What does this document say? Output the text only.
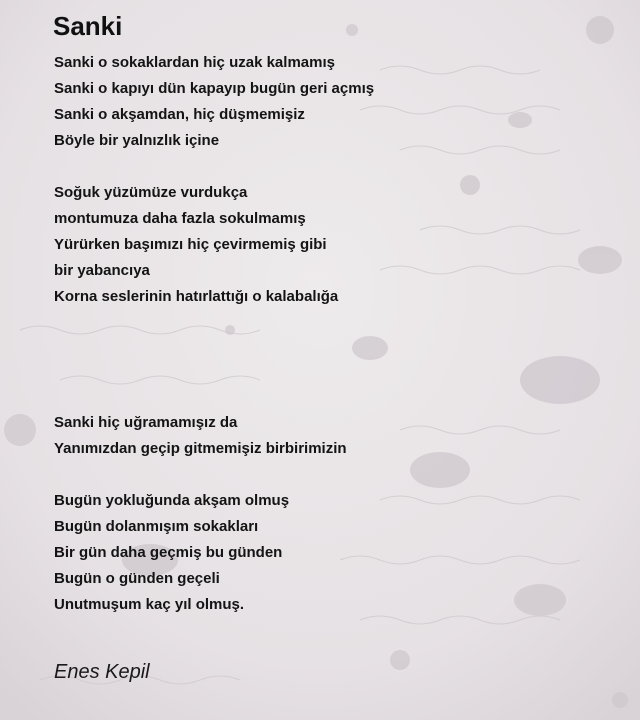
Sanki
Sanki o sokaklardan hiç uzak kalmamış
Sanki o kapıyı dün kapayıp bugün geri açmış
Sanki o akşamdan, hiç düşmemişiz
Böyle bir yalnızlık içine
Soğuk yüzümüze vurdukça
montumuza daha fazla sokulmamış
Yürürken başımızı hiç çevirmemiş gibi
bir yabancıya
Korna seslerinin hatırlattığı o kalabalığa
Sanki hiç uğramamışız da
Yanımızdan geçip gitmemişiz birbirimizin
Bugün yokluğunda akşam olmuş
Bugün dolanmışım sokakları
Bir gün daha geçmiş bu günden
Bugün o günden geçeli
Unutmuşum kaç yıl olmuş.
Enes Kepil
